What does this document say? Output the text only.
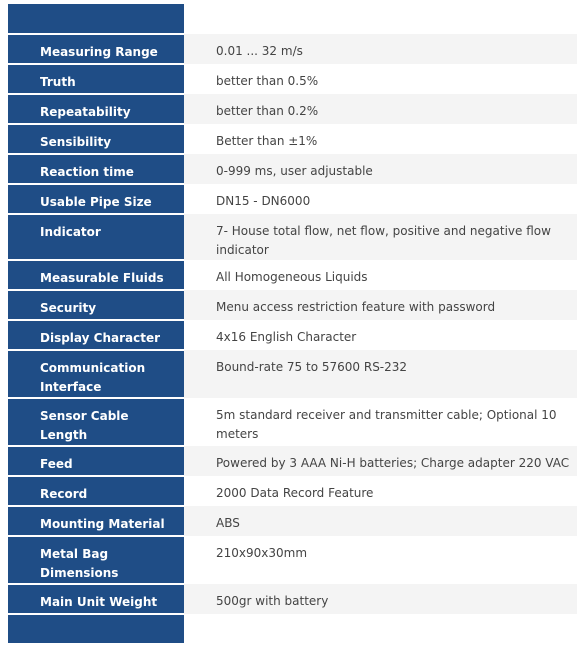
Measuring Range	0.01 ... 32 m/s

Truth	better than 0.5%

Repeatability	better than 0.2%

Sensibility	Better than ±1%

Reaction time	0-999 ms, user adjustable

Usable Pipe Size	DN15 - DN6000

Indicator	7- House total flow, net flow, positive and negative flow indicator

Measurable Fluids	All Homogeneous Liquids

Security	Menu access restriction feature with password

Display Character	4x16 English Character

Communication Interface	Bound-rate 75 to 57600 RS-232

Sensor Cable Length	5m standard receiver and transmitter cable; Optional 10 meters

Feed	Powered by 3 AAA Ni-H batteries; Charge adapter 220 VAC

Record	2000 Data Record Feature

Mounting Material	ABS

Metal Bag Dimensions	210x90x30mm

Main Unit Weight	500gr with battery
